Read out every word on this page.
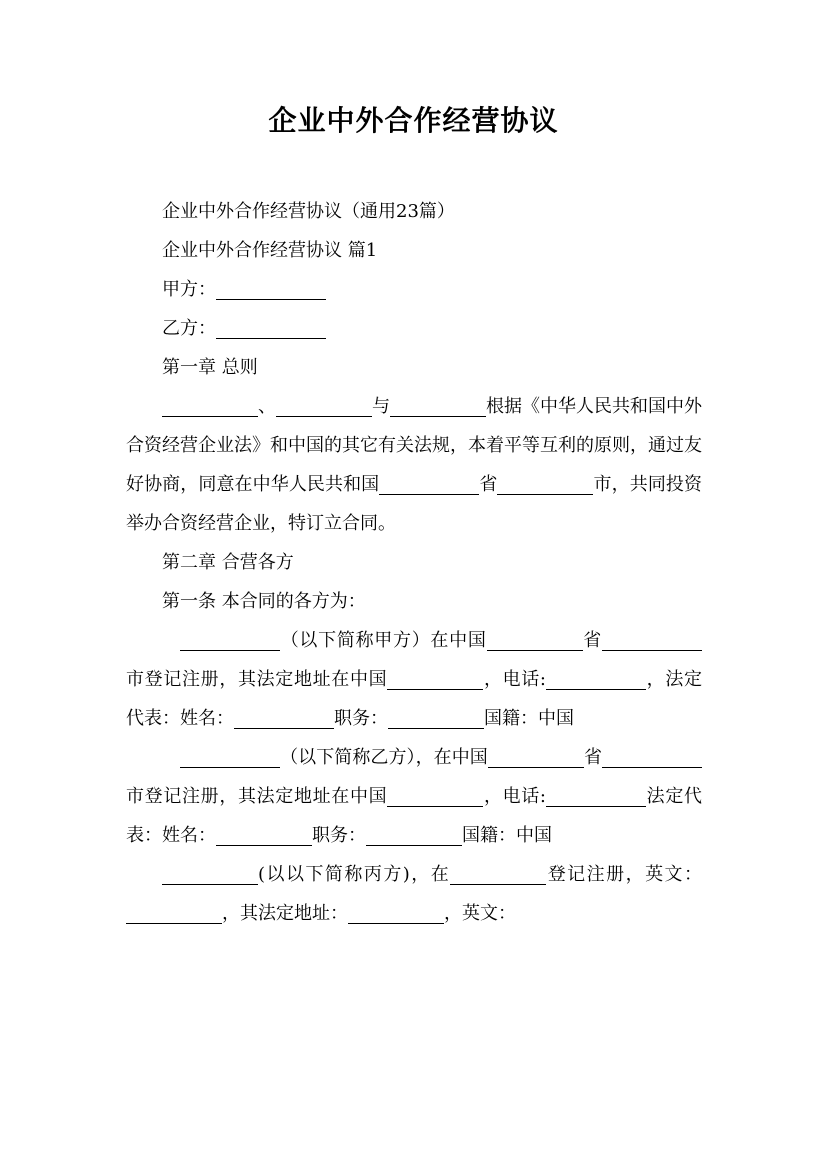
企业中外合作经营协议

企业中外合作经营协议（通用23篇）

企业中外合作经营协议 篇1

甲方：

乙方：

第一章 总则

、	与	根据《中华人民共和国中外合资经营企业法》和中国的其它有关法规，本着平等互利的原则，通过友好协商，同意在中华人民共和国	省	市，共同投资举办合资经营企业，特订立合同。

第二章 合营各方

第一条 本合同的各方为：

（以下简称甲方）在中国	省市登记注册，其法定地址在中国	，电话:	，法定代表：姓名：	职务：	国籍：中国

（以下简称乙方），在中国	省市登记注册，其法定地址在中国	，电话:	法定代表：姓名：	职务：	国籍：中国

(以以下简称丙方)，在	登记注册，英文：，其法定地址：	，英文：
